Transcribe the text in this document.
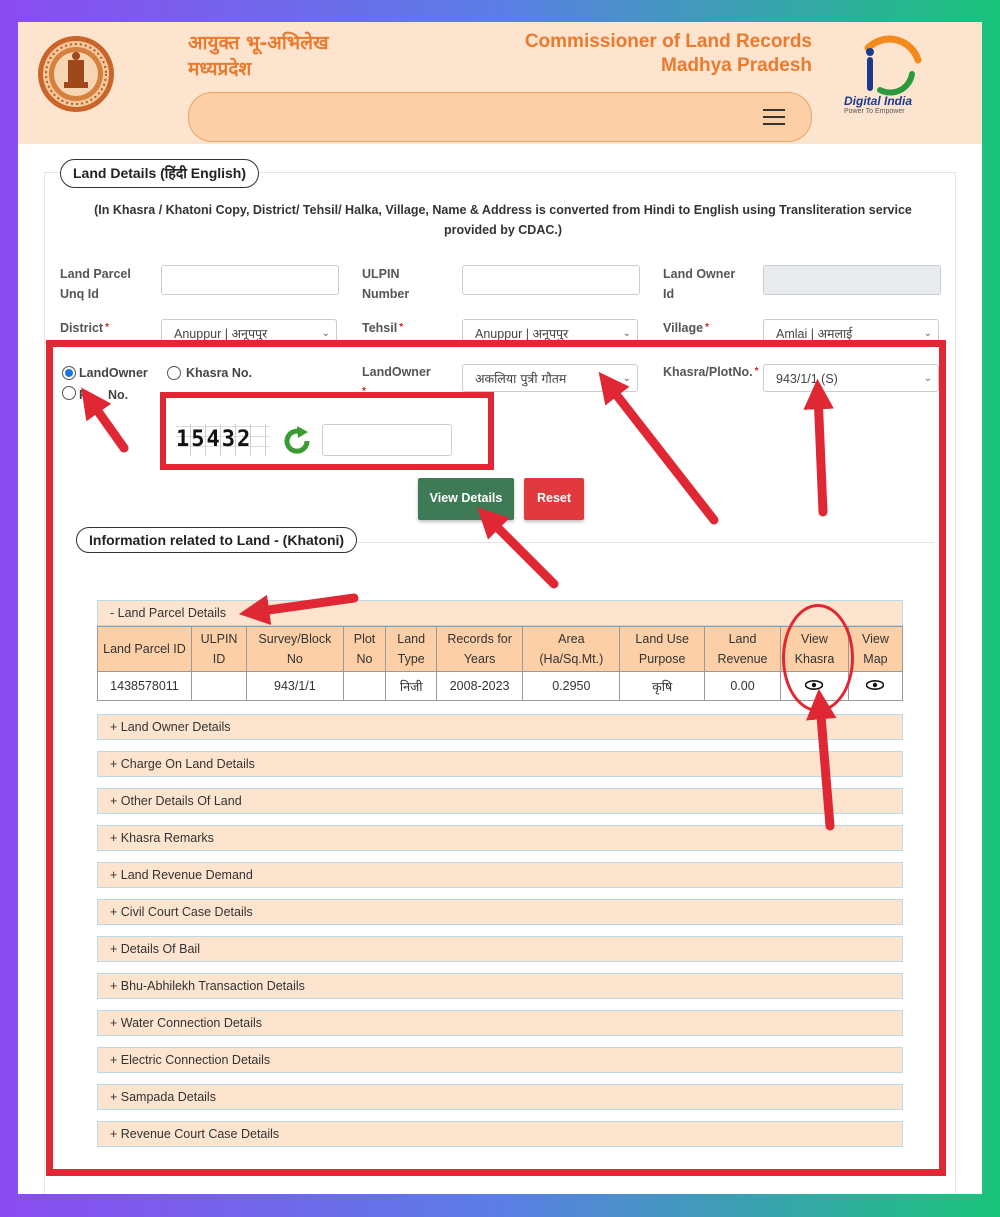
आयुक्त भू-अभिलेख
मध्यप्रदेश
Commissioner of Land Records
Madhya Pradesh
Digital India
Power To Empower
Land Details (हिंदी English)
(In Khasra / Khatoni Copy, District/ Tehsil/ Halka, Village, Name & Address is converted from Hindi to English using Transliteration service provided by CDAC.)
Land Parcel
Unq Id
ULPIN
Number
Land Owner
Id
District *	Anuppur | अनूपपुर	⌄	Tehsil *	Anuppur | अनूपपुर	⌄	Village *	Amlai | अमलाई	⌄
LandOwner	Khasra No.
P      No.
LandOwner
*
अकलिया पुत्री गौतम	⌄	Khasra/PlotNo. *
943/1/1 (S)	⌄
15432
View Details	Reset
Information related to Land - (Khatoni)
- Land Parcel Details
Land Parcel ID	ULPIN ID	Survey/Block No	Plot No	Land Type	Records for Years	Area (Ha/Sq.Mt.)	Land Use Purpose	Land Revenue	View Khasra	View Map
1438578011		943/1/1		निजी	2008-2023	0.2950	कृषि	0.00		
+ Land Owner Details
+ Charge On Land Details
+ Other Details Of Land
+ Khasra Remarks
+ Land Revenue Demand
+ Civil Court Case Details
+ Details Of Bail
+ Bhu-Abhilekh Transaction Details
+ Water Connection Details
+ Electric Connection Details
+ Sampada Details
+ Revenue Court Case Details
